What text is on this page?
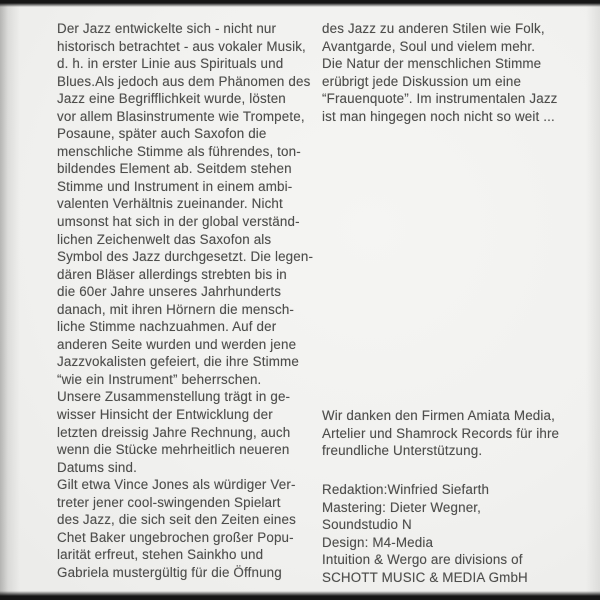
Der Jazz entwickelte sich - nicht nur
historisch betrachtet - aus vokaler Musik,
d. h. in erster Linie aus Spirituals und
Blues.Als jedoch aus dem Phänomen des
Jazz eine Begrifflichkeit wurde, lösten
vor allem Blasinstrumente wie Trompete,
Posaune, später auch Saxofon die
menschliche Stimme als führendes, ton-
bildendes Element ab. Seitdem stehen
Stimme und Instrument in einem ambi-
valenten Verhältnis zueinander. Nicht
umsonst hat sich in der global verständ-
lichen Zeichenwelt das Saxofon als
Symbol des Jazz durchgesetzt. Die legen-
dären Bläser allerdings strebten bis in
die 60er Jahre unseres Jahrhunderts
danach, mit ihren Hörnern die mensch-
liche Stimme nachzuahmen. Auf der
anderen Seite wurden und werden jene
Jazzvokalisten gefeiert, die ihre Stimme
“wie ein Instrument” beherrschen.
Unsere Zusammenstellung trägt in ge-
wisser Hinsicht der Entwicklung der
letzten dreissig Jahre Rechnung, auch
wenn die Stücke mehrheitlich neueren
Datums sind.
Gilt etwa Vince Jones als würdiger Ver-
treter jener cool-swingenden Spielart
des Jazz, die sich seit den Zeiten eines
Chet Baker ungebrochen großer Popu-
larität erfreut, stehen Sainkho und
Gabriela mustergültig für die Öffnung
des Jazz zu anderen Stilen wie Folk,
Avantgarde, Soul und vielem mehr.
Die Natur der menschlichen Stimme
erübrigt jede Diskussion um eine
“Frauenquote”. Im instrumentalen Jazz
ist man hingegen noch nicht so weit ...
Wir danken den Firmen Amiata Media,
Artelier und Shamrock Records für ihre
freundliche Unterstützung.
Redaktion:Winfried Siefarth
Mastering: Dieter Wegner,
Soundstudio N
Design: M4-Media
Intuition & Wergo are divisions of
SCHOTT MUSIC & MEDIA GmbH
